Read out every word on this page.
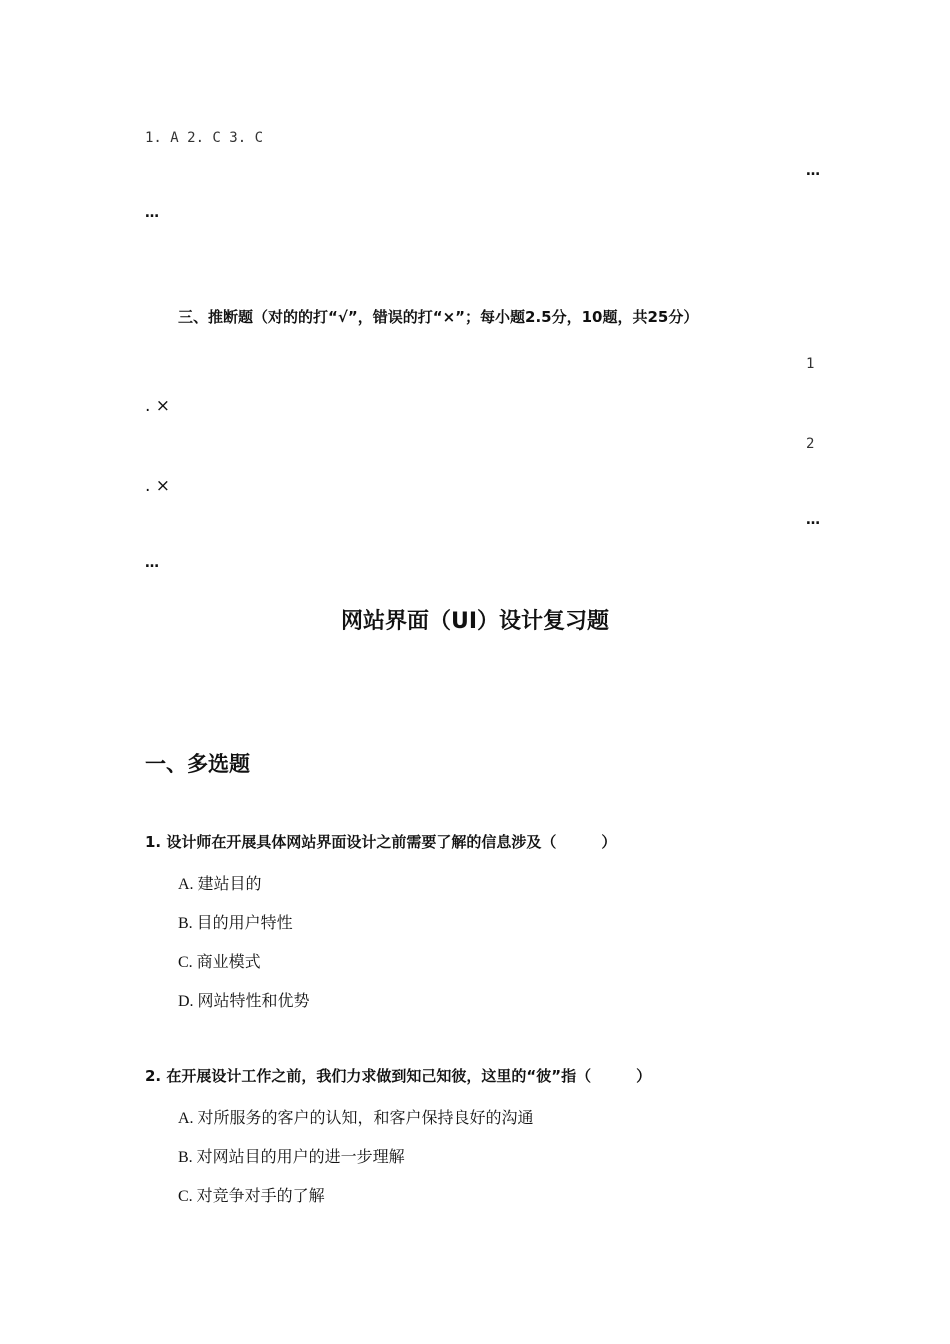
1. A 2. C 3. C
…
…
三、推断题（对的的打“√”，错误的打“×”；每小题2.5分，10题，共25分）
1
. ×
2
. ×
…
…
网站界面（UI）设计复习题
一、多选题
1. 设计师在开展具体网站界面设计之前需要了解的信息涉及（　　　）
A. 建站目的
B. 目的用户特性
C. 商业模式
D. 网站特性和优势
2. 在开展设计工作之前，我们力求做到知己知彼，这里的“彼”指（　　　）
A. 对所服务的客户的认知，和客户保持良好的沟通
B. 对网站目的用户的进一步理解
C. 对竞争对手的了解
